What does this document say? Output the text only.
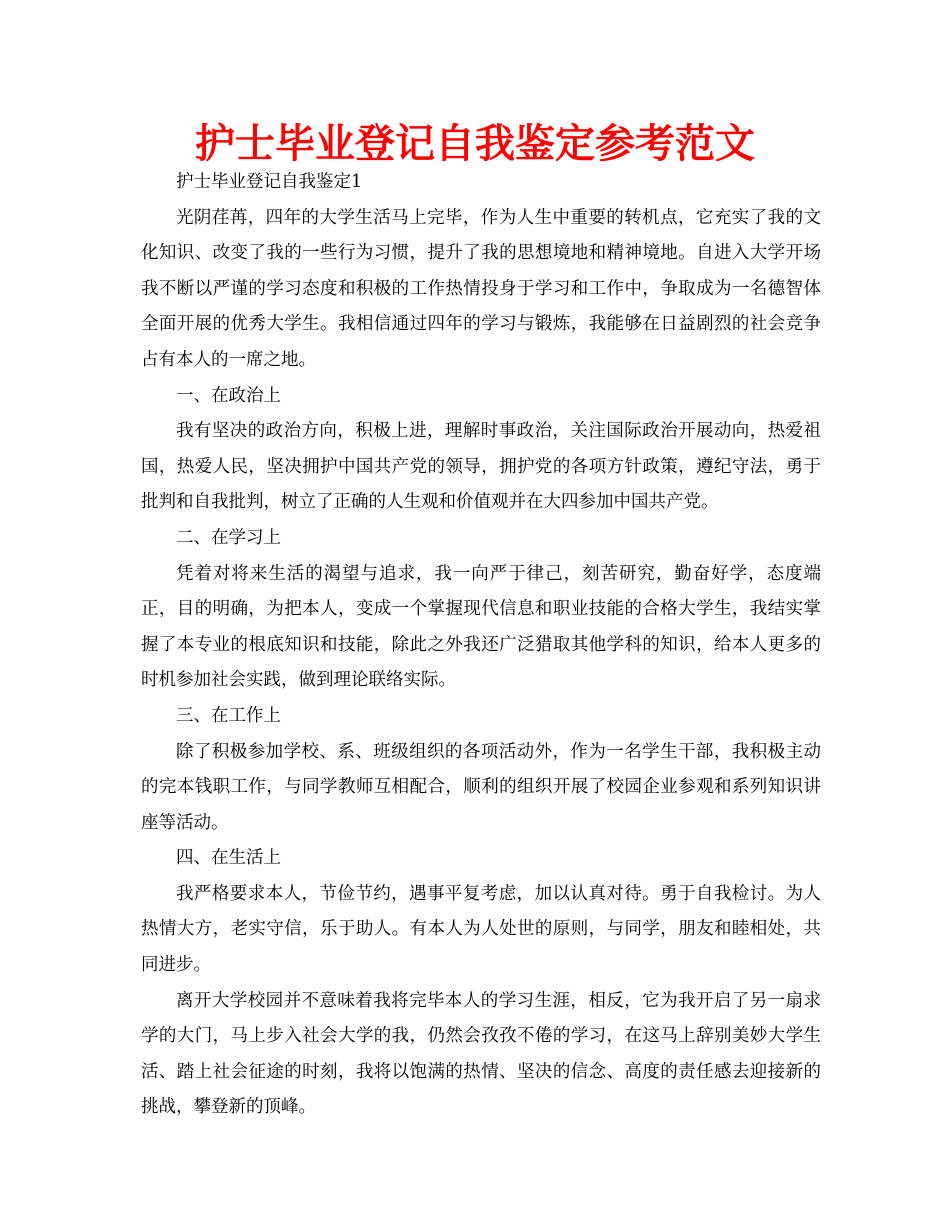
护士毕业登记自我鉴定参考范文

护士毕业登记自我鉴定1

光阴荏苒，四年的大学生活马上完毕，作为人生中重要的转机点，它充实了我的文化知识、改变了我的一些行为习惯，提升了我的思想境地和精神境地。自进入大学开场我不断以严谨的学习态度和积极的工作热情投身于学习和工作中，争取成为一名德智体全面开展的优秀大学生。我相信通过四年的学习与锻炼，我能够在日益剧烈的社会竞争占有本人的一席之地。

一、在政治上

我有坚决的政治方向，积极上进，理解时事政治，关注国际政治开展动向，热爱祖国，热爱人民，坚决拥护中国共产党的领导，拥护党的各项方针政策，遵纪守法，勇于批判和自我批判，树立了正确的人生观和价值观并在大四参加中国共产党。

二、在学习上

凭着对将来生活的渴望与追求，我一向严于律己，刻苦研究，勤奋好学，态度端正，目的明确，为把本人，变成一个掌握现代信息和职业技能的合格大学生，我结实掌握了本专业的根底知识和技能，除此之外我还广泛猎取其他学科的知识，给本人更多的时机参加社会实践，做到理论联络实际。

三、在工作上

除了积极参加学校、系、班级组织的各项活动外，作为一名学生干部，我积极主动的完本钱职工作，与同学教师互相配合，顺利的组织开展了校园企业参观和系列知识讲座等活动。

四、在生活上

我严格要求本人，节俭节约，遇事平复考虑，加以认真对待。勇于自我检讨。为人热情大方，老实守信，乐于助人。有本人为人处世的原则，与同学，朋友和睦相处，共同进步。

离开大学校园并不意味着我将完毕本人的学习生涯，相反，它为我开启了另一扇求学的大门，马上步入社会大学的我，仍然会孜孜不倦的学习，在这马上辞别美妙大学生活、踏上社会征途的时刻，我将以饱满的热情、坚决的信念、高度的责任感去迎接新的挑战，攀登新的顶峰。
